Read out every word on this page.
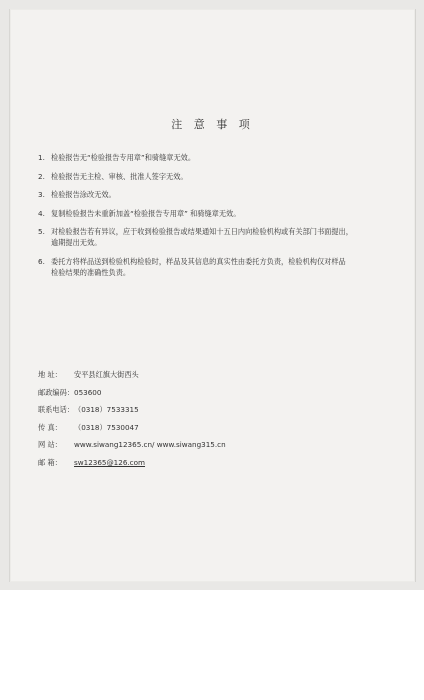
注 意 事 项
1. 检验报告无“检验报告专用章”和骑缝章无效。
2. 检验报告无主检、审核、批准人签字无效。
3. 检验报告涂改无效。
4. 复制检验报告未重新加盖“检验报告专用章” 和骑缝章无效。
5. 对检验报告若有异议，应于收到检验报告或结果通知十五日内向检验机构或有关部门书面提出，
逾期提出无效。
6. 委托方将样品送到检验机构检验时，样品及其信息的真实性由委托方负责，检验机构仅对样品
检验结果的准确性负责。
地 址：	安平县红旗大街西头
邮政编码： 053600
联系电话： （0318）7533315
传 真：	（0318）7530047
网 站：	www.siwang12365.cn/ www.siwang315.cn
邮 箱：	sw12365@126.com
